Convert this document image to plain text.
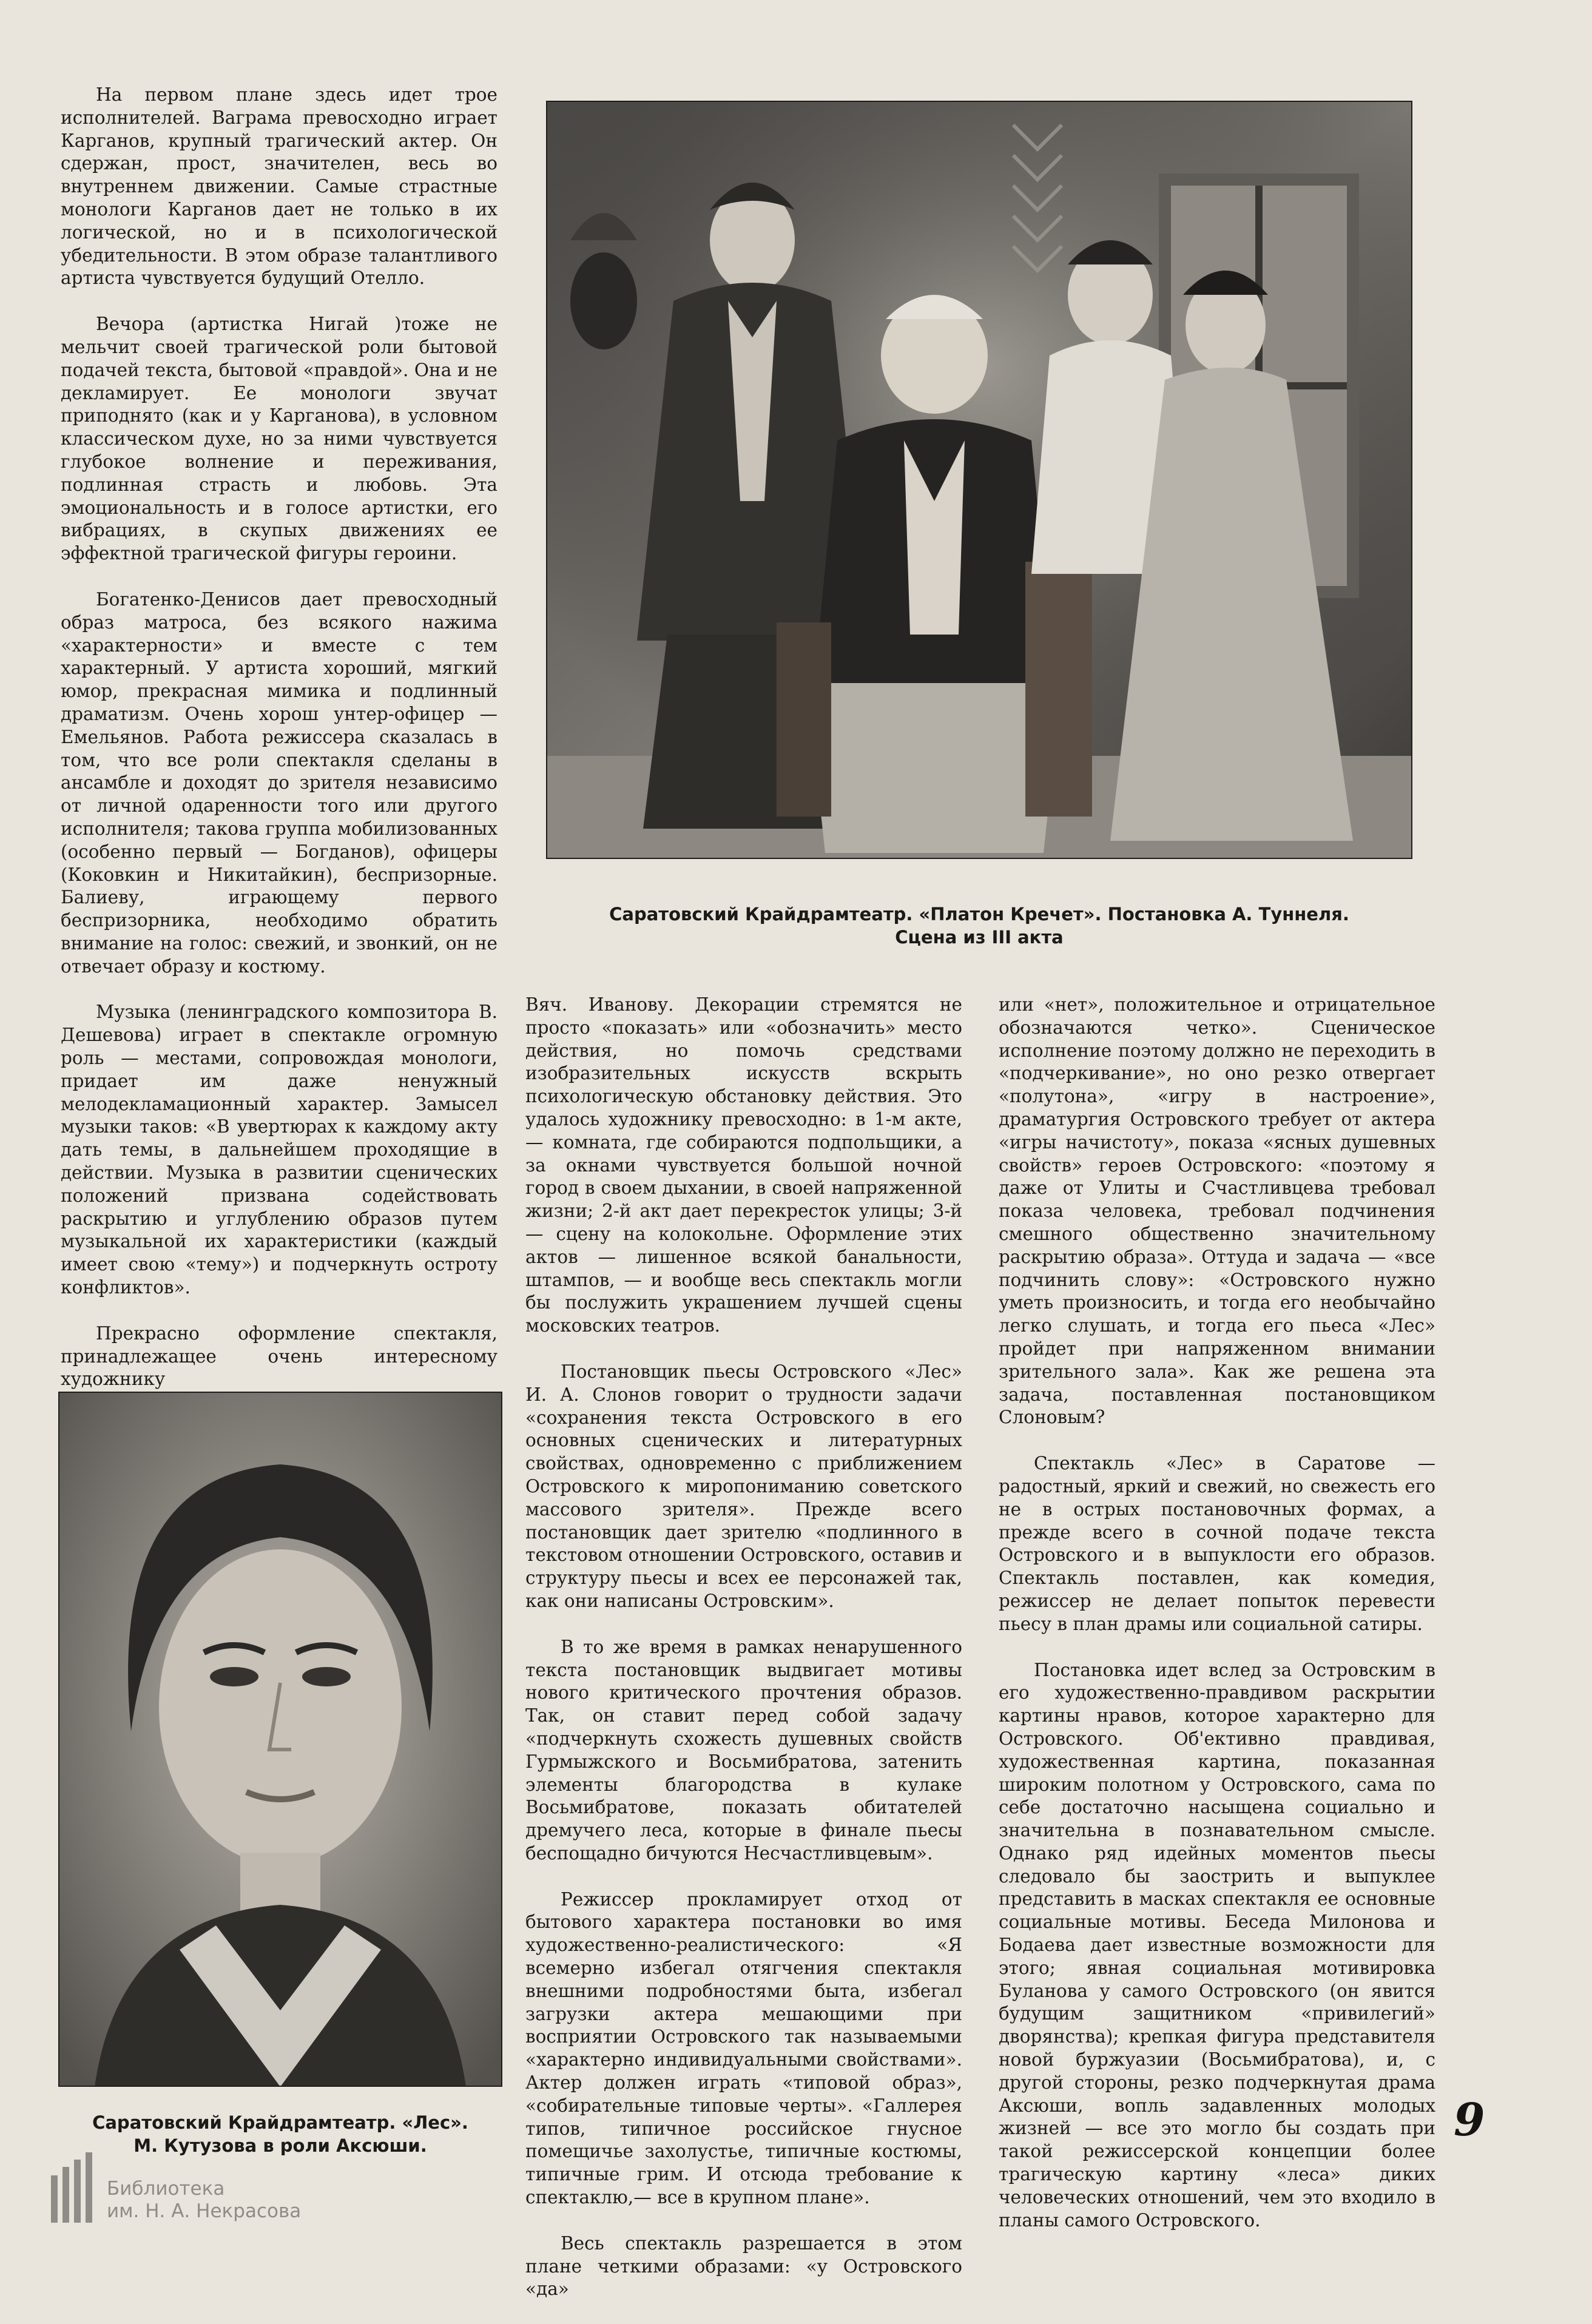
На первом плане здесь идет трое исполнителей. Ваграма превосходно играет Карганов, крупный трагический актер. Он сдержан, прост, значителен, весь во внутреннем движении. Самые страстные монологи Карганов дает не только в их логической, но и в психологической убедительности. В этом образе талантливого артиста чувствуется будущий Отелло.

Вечора (артистка Нигай )тоже не мельчит своей трагической роли бытовой подачей текста, бытовой «правдой». Она и не декламирует. Ее монологи звучат приподнято (как и у Карганова), в условном классическом духе, но за ними чувствуется глубокое волнение и переживания, подлинная страсть и любовь. Эта эмоциональность и в голосе артистки, его вибрациях, в скупых движениях ее эффектной трагической фигуры героини.

Богатенко-Денисов дает превосходный образ матроса, без всякого нажима «характерности» и вместе с тем характерный. У артиста хороший, мягкий юмор, прекрасная мимика и подлинный драматизм. Очень хорош унтер-офицер — Емельянов. Работа режиссера сказалась в том, что все роли спектакля сделаны в ансамбле и доходят до зрителя независимо от личной одаренности того или другого исполнителя; такова группа мобилизованных (особенно первый — Богданов), офицеры (Коковкин и Никитайкин), беспризорные. Балиеву, играющему первого беспризорника, необходимо обратить внимание на голос: свежий, и звонкий, он не отвечает образу и костюму.

Музыка (ленинградского композитора В. Дешевова) играет в спектакле огромную роль — местами, сопровождая монологи, придает им даже ненужный мелодекламационный характер. Замысел музыки таков: «В увертюрах к каждому акту дать темы, в дальнейшем проходящие в действии. Музыка в развитии сценических положений призвана содействовать раскрытию и углублению образов путем музыкальной их характеристики (каждый имеет свою «тему») и подчеркнуть остроту конфликтов».

Прекрасно оформление спектакля, принадлежащее очень интересному художнику

Саратовский Крайдрамтеатр. «Платон Кречет». Постановка А. Туннеля.
Сцена из III акта

Вяч. Иванову. Декорации стремятся не просто «показать» или «обозначить» место действия, но помочь средствами изобразительных искусств вскрыть психологическую обстановку действия. Это удалось художнику превосходно: в 1-м акте, — комната, где собираются подпольщики, а за окнами чувствуется большой ночной город в своем дыхании, в своей напряженной жизни; 2-й акт дает перекресток улицы; 3-й — сцену на колокольне. Оформление этих актов — лишенное всякой банальности, штампов, — и вообще весь спектакль могли бы послужить украшением лучшей сцены московских театров.

Постановщик пьесы Островского «Лес» И. А. Слонов говорит о трудности задачи «сохранения текста Островского в его основных сценических и литературных свойствах, одновременно с приближением Островского к миропониманию советского массового зрителя». Прежде всего постановщик дает зрителю «подлинного в текстовом отношении Островского, оставив и структуру пьесы и всех ее персонажей так, как они написаны Островским».

В то же время в рамках ненарушенного текста постановщик выдвигает мотивы нового критического прочтения образов. Так, он ставит перед собой задачу «подчеркнуть схожесть душевных свойств Гурмыжского и Восьмибратова, затенить элементы благородства в кулаке Восьмибратове, показать обитателей дремучего леса, которые в финале пьесы беспощадно бичуются Несчастливцевым».

Режиссер прокламирует отход от бытового характера постановки во имя художественно-реалистического: «Я всемерно избегал отягчения спектакля внешними подробностями быта, избегал загрузки актера мешающими при восприятии Островского так называемыми «характерно индивидуальными свойствами». Актер должен играть «типовой образ», «собирательные типовые черты». «Галлерея типов, типичное российское гнусное помещичье захолустье, типичные костюмы, типичные грим. И отсюда требование к спектаклю,— все в крупном плане».

Весь спектакль разрешается в этом плане четкими образами: «у Островского «да»

или «нет», положительное и отрицательное обозначаются четко». Сценическое исполнение поэтому должно не переходить в «подчеркивание», но оно резко отвергает «полутона», «игру в настроение», драматургия Островского требует от актера «игры начистоту», показа «ясных душевных свойств» героев Островского: «поэтому я даже от Улиты и Счастливцева требовал показа человека, требовал подчинения смешного общественно значительному раскрытию образа». Оттуда и задача — «все подчинить слову»: «Островского нужно уметь произносить, и тогда его необычайно легко слушать, и тогда его пьеса «Лес» пройдет при напряженном внимании зрительного зала». Как же решена эта задача, поставленная постановщиком Слоновым?

Спектакль «Лес» в Саратове — радостный, яркий и свежий, но свежесть его не в острых постановочных формах, а прежде всего в сочной подаче текста Островского и в выпуклости его образов. Спектакль поставлен, как комедия, режиссер не делает попыток перевести пьесу в план драмы или социальной сатиры.

Постановка идет вслед за Островским в его художественно-правдивом раскрытии картины нравов, которое характерно для Островского. Об'ективно правдивая, художественная картина, показанная широким полотном у Островского, сама по себе достаточно насыщена социально и значительна в познавательном смысле. Однако ряд идейных моментов пьесы следовало бы заострить и выпуклее представить в масках спектакля ее основные социальные мотивы. Беседа Милонова и Бодаева дает известные возможности для этого; явная социальная мотивировка Буланова у самого Островского (он явится будущим защитником «привилегий» дворянства); крепкая фигура представителя новой буржуазии (Восьмибратова), и, с другой стороны, резко подчеркнутая драма Аксюши, вопль задавленных молодых жизней — все это могло бы создать при такой режиссерской концепции более трагическую картину «леса» диких человеческих отношений, чем это входило в планы самого Островского.

Саратовский Крайдрамтеатр. «Лес».
М. Кутузова в роли Аксюши.	9
Библиотека
им. Н. А. Некрасова
